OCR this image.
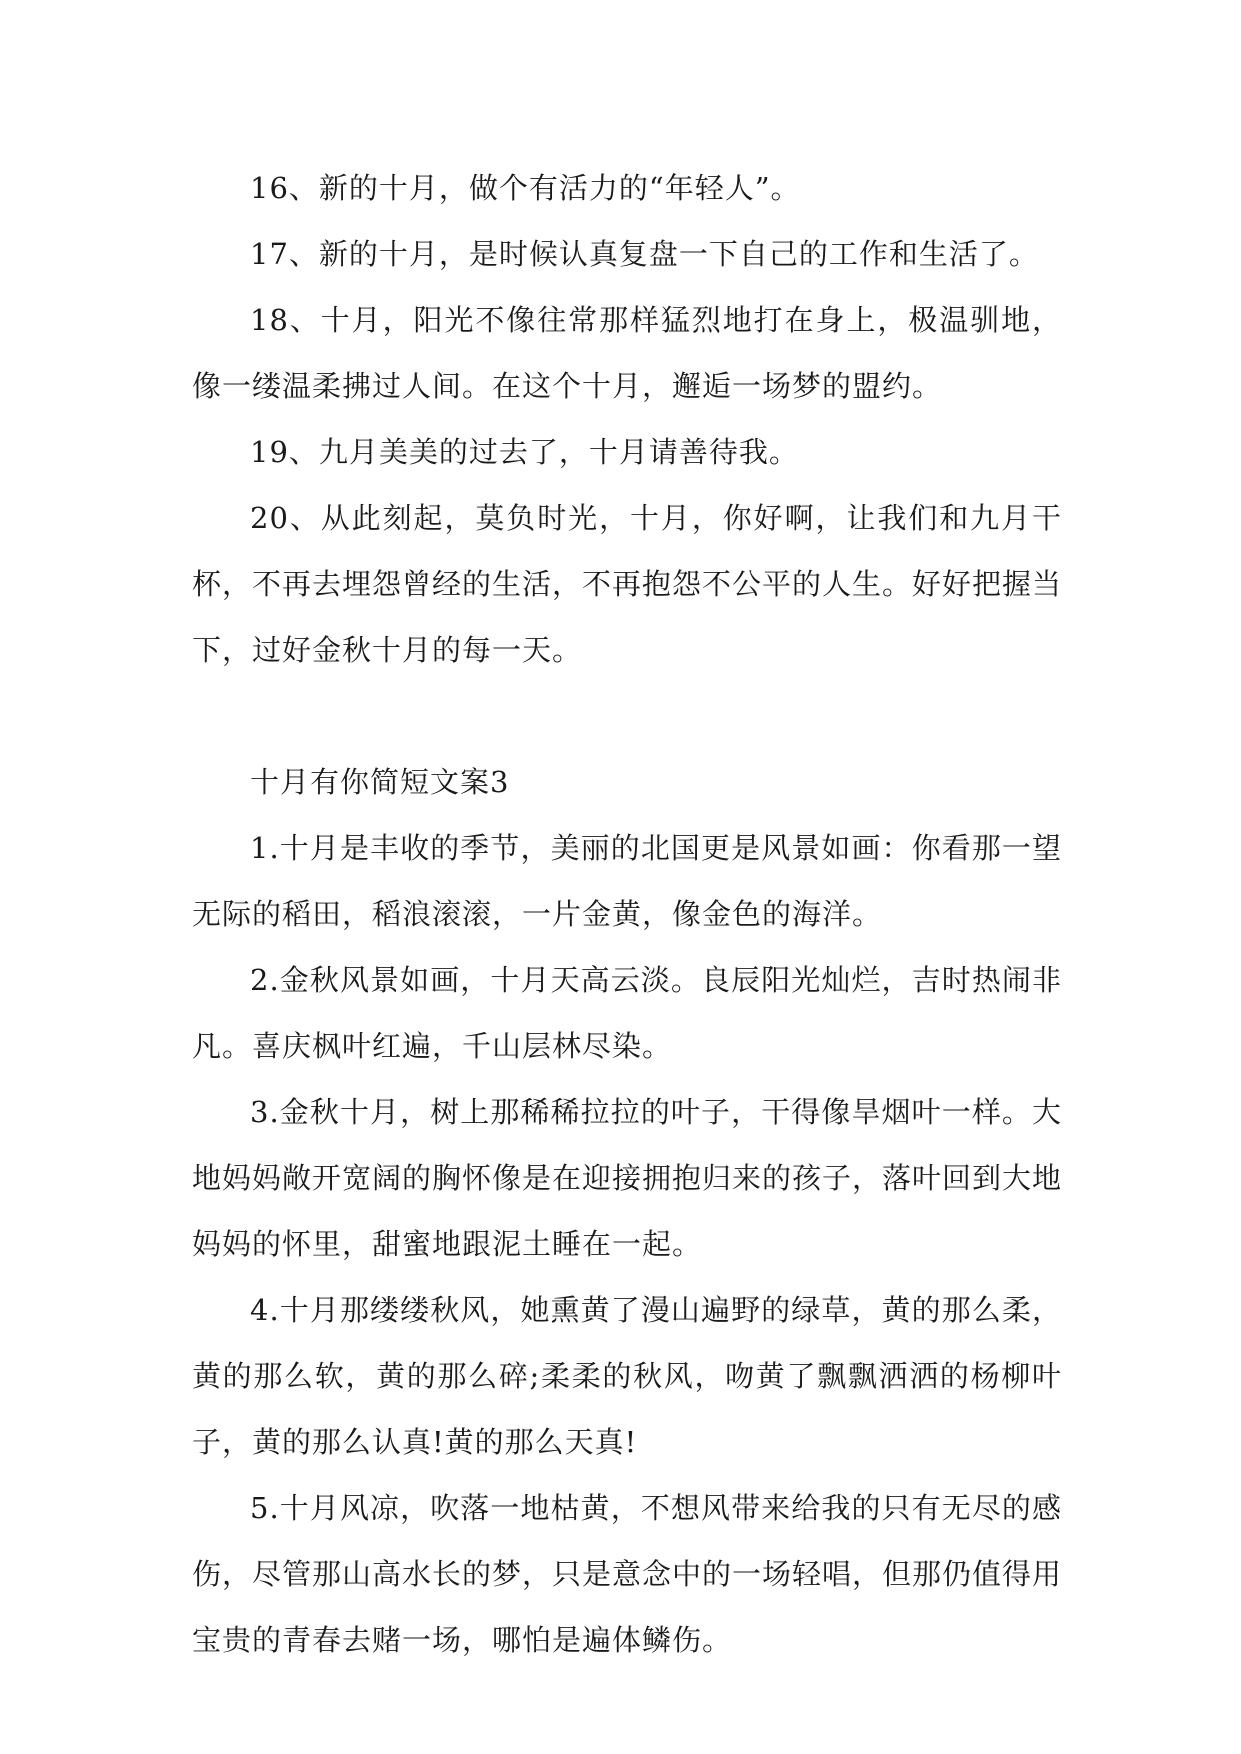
16、新的十月，做个有活力的“年轻人”。

17、新的十月，是时候认真复盘一下自己的工作和生活了。

18、十月，阳光不像往常那样猛烈地打在身上，极温驯地，像一缕温柔拂过人间。在这个十月，邂逅一场梦的盟约。

19、九月美美的过去了，十月请善待我。

20、从此刻起，莫负时光，十月，你好啊，让我们和九月干杯，不再去埋怨曾经的生活，不再抱怨不公平的人生。好好把握当下，过好金秋十月的每一天。

十月有你简短文案3

1.十月是丰收的季节，美丽的北国更是风景如画：你看那一望无际的稻田，稻浪滚滚，一片金黄，像金色的海洋。

2.金秋风景如画，十月天高云淡。良辰阳光灿烂，吉时热闹非凡。喜庆枫叶红遍，千山层林尽染。

3.金秋十月，树上那稀稀拉拉的叶子，干得像旱烟叶一样。大地妈妈敞开宽阔的胸怀像是在迎接拥抱归来的孩子，落叶回到大地妈妈的怀里，甜蜜地跟泥土睡在一起。

4.十月那缕缕秋风，她熏黄了漫山遍野的绿草，黄的那么柔，黄的那么软，黄的那么碎;柔柔的秋风，吻黄了飘飘洒洒的杨柳叶子，黄的那么认真!黄的那么天真!

5.十月风凉，吹落一地枯黄，不想风带来给我的只有无尽的感伤，尽管那山高水长的梦，只是意念中的一场轻唱，但那仍值得用宝贵的青春去赌一场，哪怕是遍体鳞伤。
